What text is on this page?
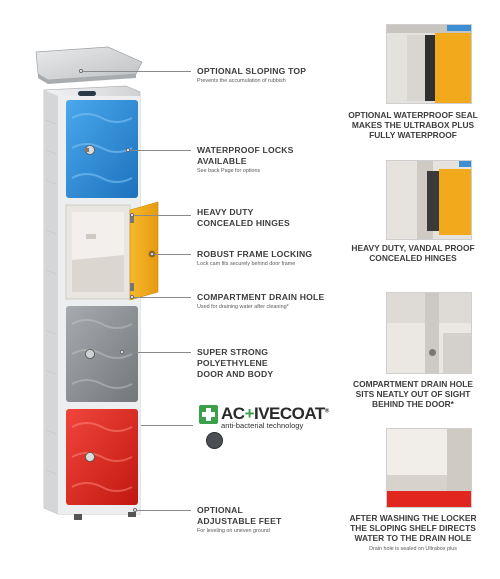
OPTIONAL SLOPING TOP
Prevents the accumulation of rubbish
WATERPROOF LOCKS
AVAILABLE
See back Page for options
HEAVY DUTY
CONCEALED HINGES
ROBUST FRAME LOCKING
Lock cam fits securely behind door frame
COMPARTMENT DRAIN HOLE
Used for draining water after cleaning*
SUPER STRONG
POLYETHYLENE
DOOR AND BODY
AC+IVECOAT®
anti-bacterial technology
OPTIONAL
ADJUSTABLE FEET
For leveling on uneven ground
OPTIONAL WATERPROOF SEAL
MAKES THE ULTRABOX PLUS
FULLY WATERPROOF
HEAVY DUTY, VANDAL PROOF
CONCEALED HINGES
COMPARTMENT DRAIN HOLE
SITS NEATLY OUT OF SIGHT
BEHIND THE DOOR*
AFTER WASHING THE LOCKER
THE SLOPING SHELF DIRECTS
WATER TO THE DRAIN HOLE
Drain hole is sealed on Ultrabox plus
